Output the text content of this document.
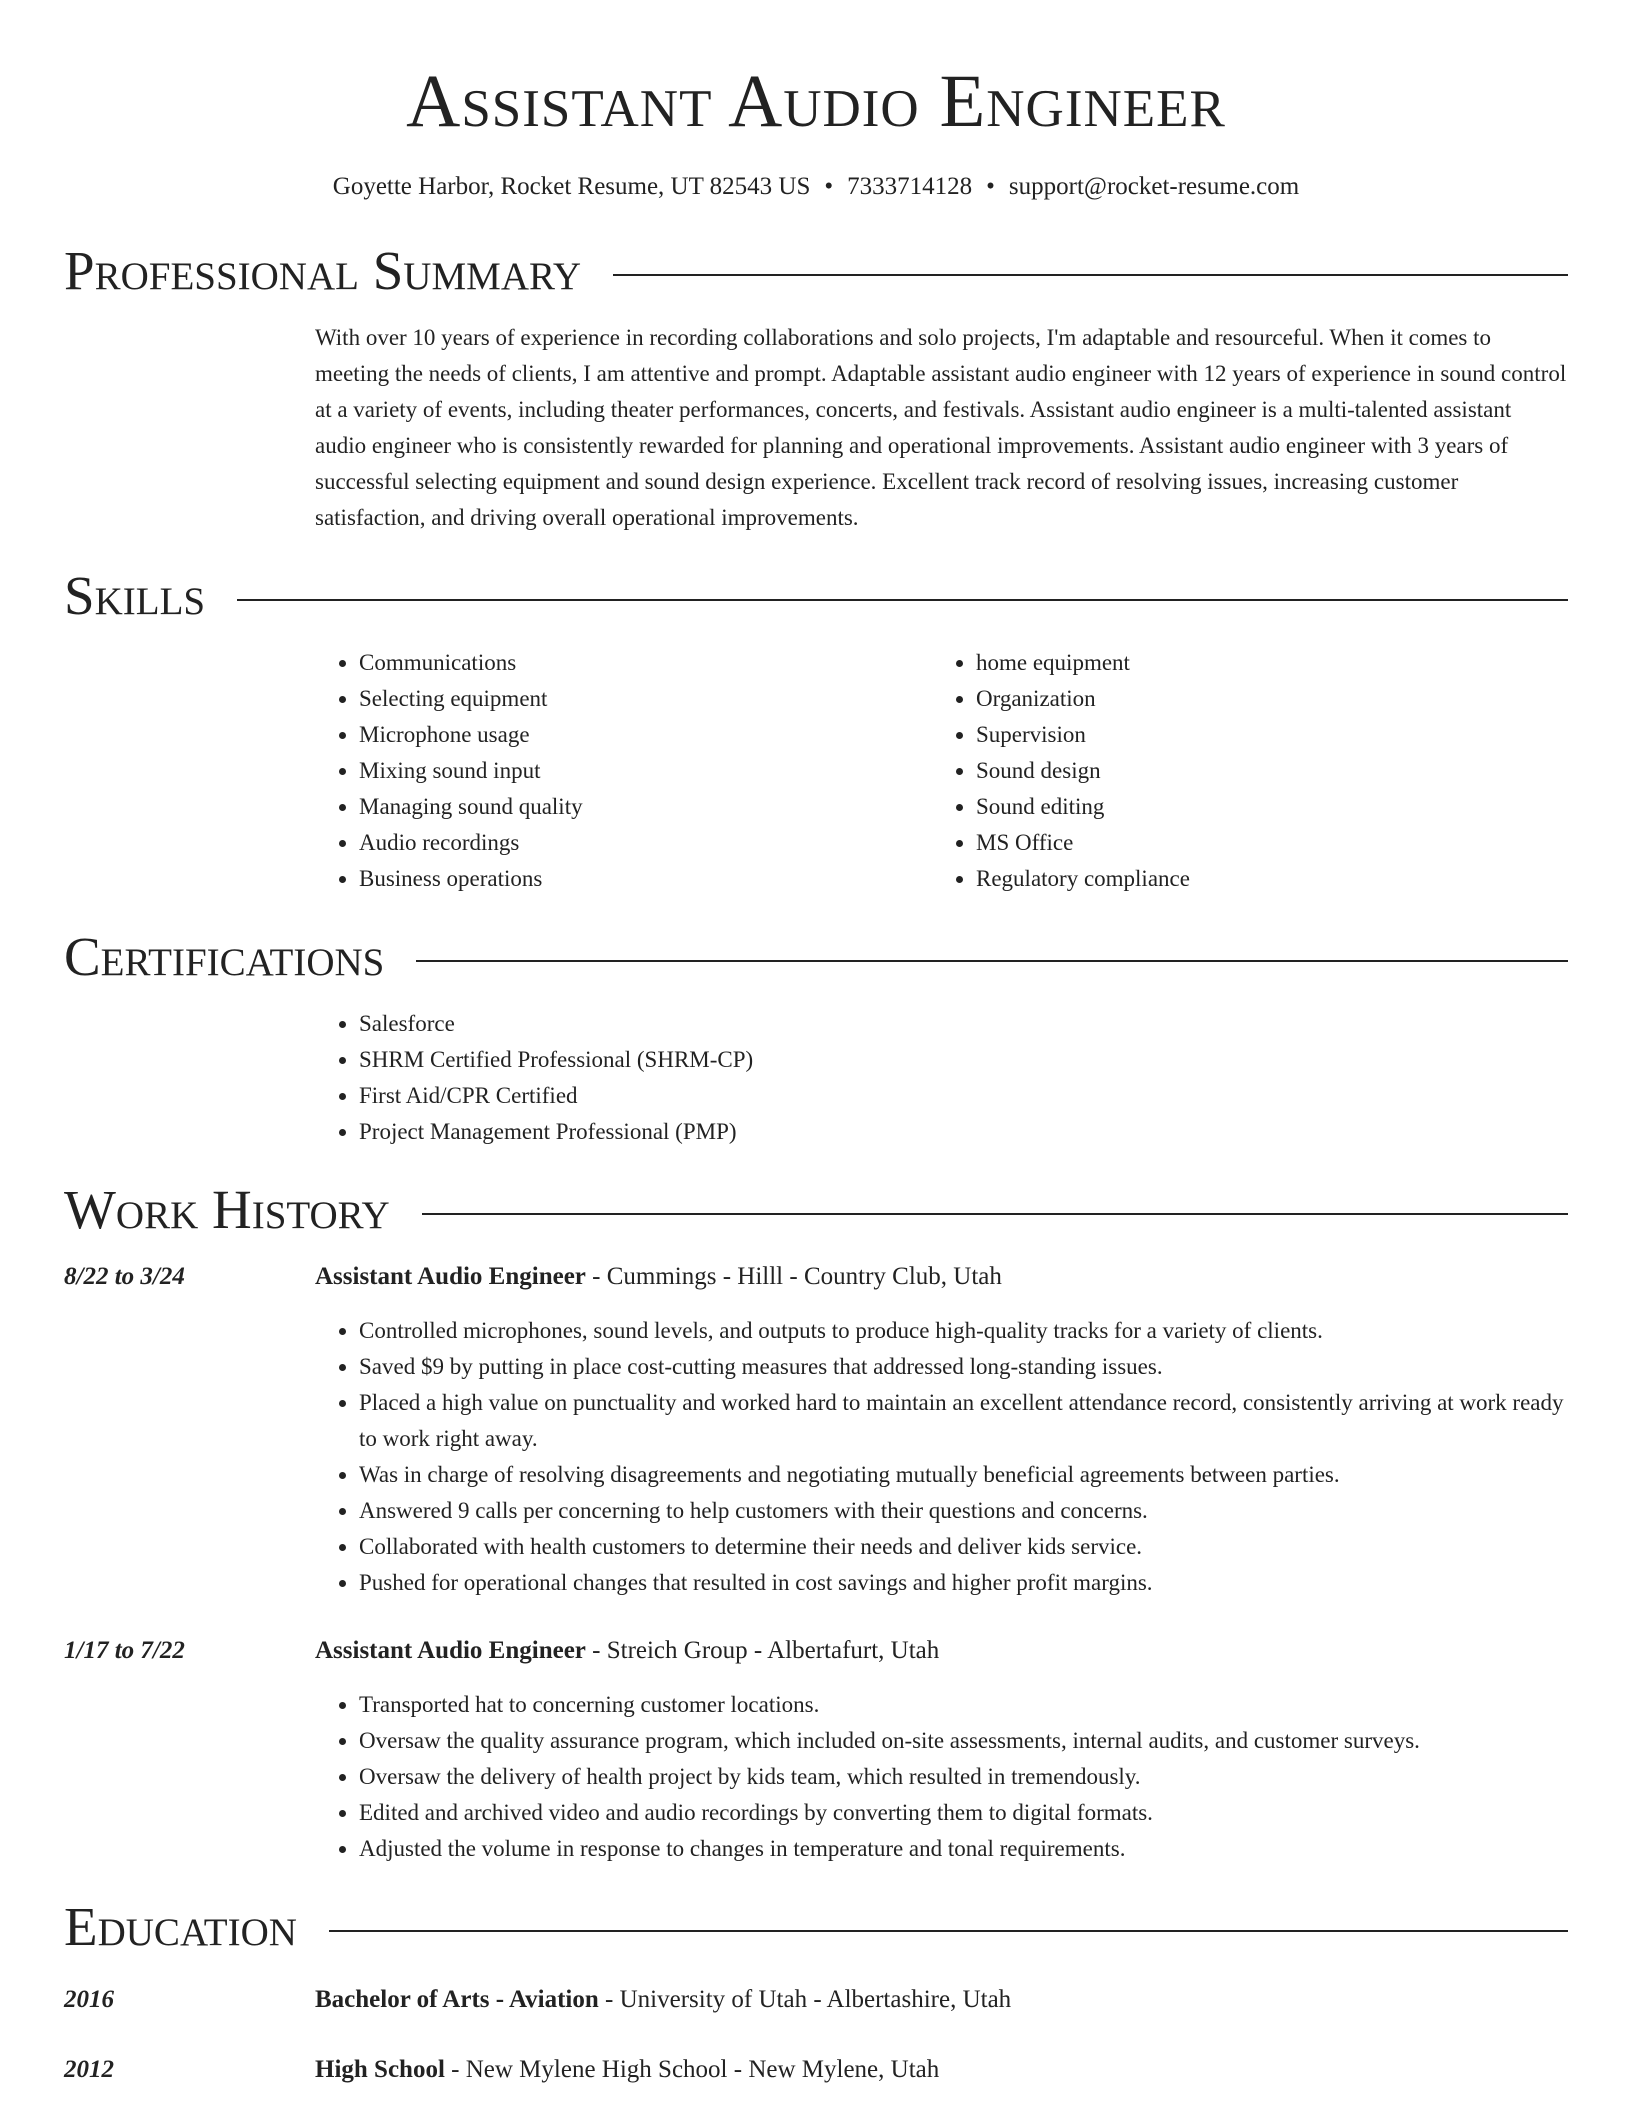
Assistant Audio Engineer
Goyette Harbor, Rocket Resume, UT 82543 US • 7333714128 • support@rocket-resume.com
Professional Summary

With over 10 years of experience in recording collaborations and solo projects, I'm adaptable and resourceful. When it comes to meeting the needs of clients, I am attentive and prompt. Adaptable assistant audio engineer with 12 years of experience in sound control at a variety of events, including theater performances, concerts, and festivals. Assistant audio engineer is a multi-talented assistant audio engineer who is consistently rewarded for planning and operational improvements. Assistant audio engineer with 3 years of successful selecting equipment and sound design experience. Excellent track record of resolving issues, increasing customer satisfaction, and driving overall operational improvements.

Skills
• Communications
• Selecting equipment
• Microphone usage
• Mixing sound input
• Managing sound quality
• Audio recordings
• Business operations
• home equipment
• Organization
• Supervision
• Sound design
• Sound editing
• MS Office
• Regulatory compliance
Certifications
• Salesforce
• SHRM Certified Professional (SHRM-CP)
• First Aid/CPR Certified
• Project Management Professional (PMP)
Work History
8/22 to 3/24	Assistant Audio Engineer - Cummings - Hilll - Country Club, Utah
• Controlled microphones, sound levels, and outputs to produce high-quality tracks for a variety of clients.
• Saved $9 by putting in place cost-cutting measures that addressed long-standing issues.
• Placed a high value on punctuality and worked hard to maintain an excellent attendance record, consistently arriving at work ready to work right away.
• Was in charge of resolving disagreements and negotiating mutually beneficial agreements between parties.
• Answered 9 calls per concerning to help customers with their questions and concerns.
• Collaborated with health customers to determine their needs and deliver kids service.
• Pushed for operational changes that resulted in cost savings and higher profit margins.
1/17 to 7/22	Assistant Audio Engineer - Streich Group - Albertafurt, Utah
• Transported hat to concerning customer locations.
• Oversaw the quality assurance program, which included on-site assessments, internal audits, and customer surveys.
• Oversaw the delivery of health project by kids team, which resulted in tremendously.
• Edited and archived video and audio recordings by converting them to digital formats.
• Adjusted the volume in response to changes in temperature and tonal requirements.
Education
2016	Bachelor of Arts - Aviation - University of Utah - Albertashire, Utah
2012	High School - New Mylene High School - New Mylene, Utah
